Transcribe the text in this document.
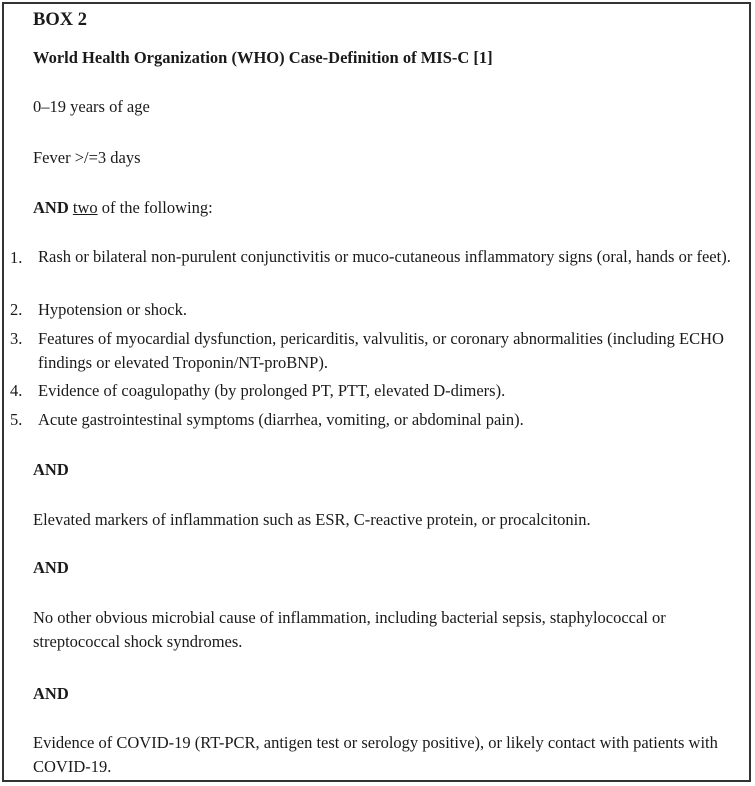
BOX 2
World Health Organization (WHO) Case-Definition of MIS-C [1]
0–19 years of age
Fever >/=3 days
AND two of the following:
1. Rash or bilateral non-purulent conjunctivitis or muco-cutaneous inflammatory signs (oral, hands or feet).
2. Hypotension or shock.
3. Features of myocardial dysfunction, pericarditis, valvulitis, or coronary abnormalities (including ECHO findings or elevated Troponin/NT-proBNP).
4. Evidence of coagulopathy (by prolonged PT, PTT, elevated D-dimers).
5. Acute gastrointestinal symptoms (diarrhea, vomiting, or abdominal pain).
AND
Elevated markers of inflammation such as ESR, C-reactive protein, or procalcitonin.
AND
No other obvious microbial cause of inflammation, including bacterial sepsis, staphylococcal or streptococcal shock syndromes.
AND
Evidence of COVID-19 (RT-PCR, antigen test or serology positive), or likely contact with patients with COVID-19.
